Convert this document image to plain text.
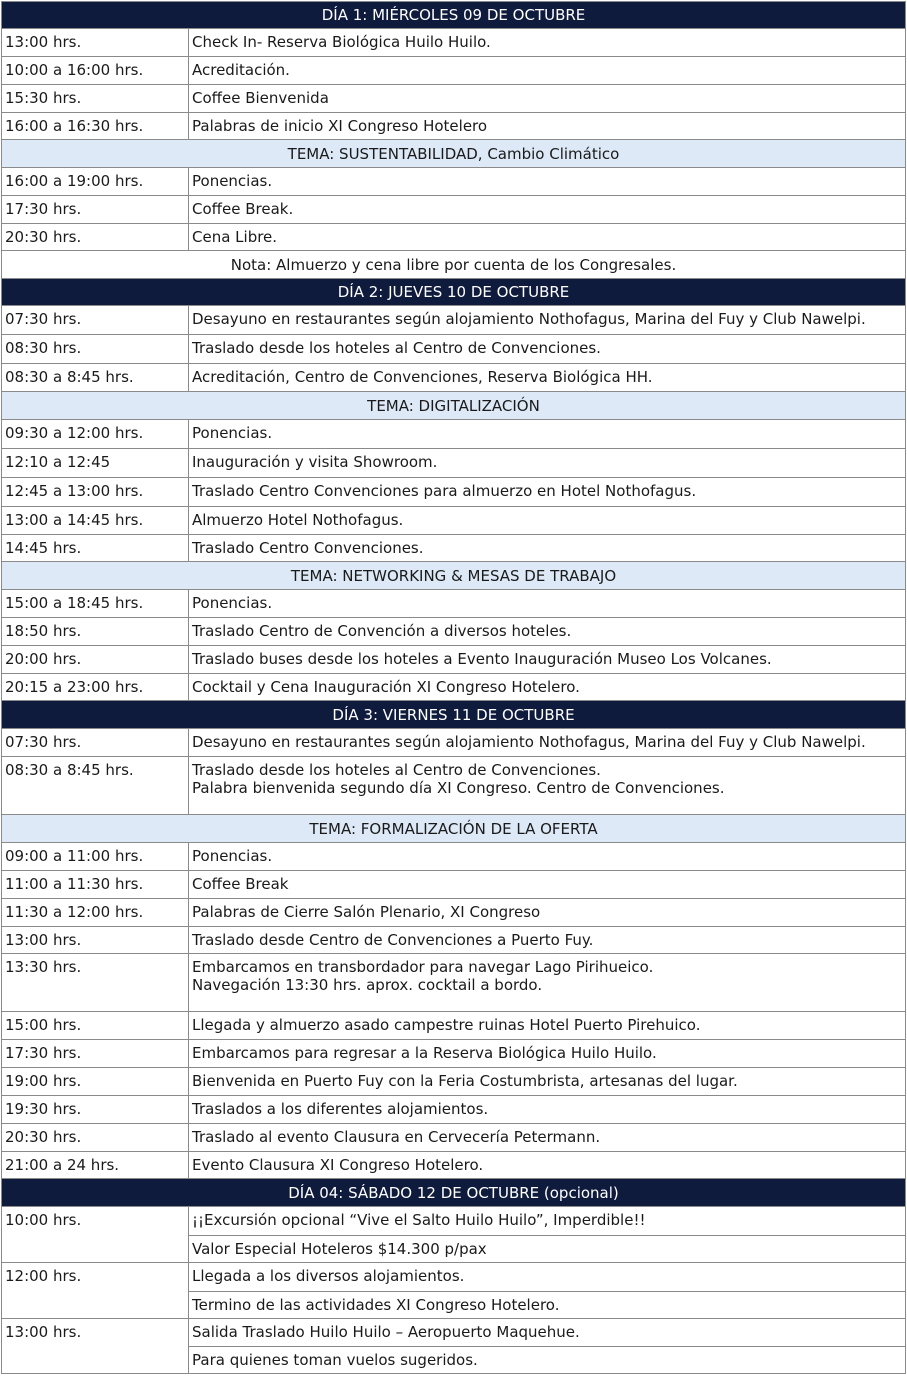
DÍA 1: MIÉRCOLES 09 DE OCTUBRE
13:00 hrs.	Check In- Reserva Biológica Huilo Huilo.
10:00 a 16:00 hrs.	Acreditación.
15:30 hrs.	Coffee Bienvenida
16:00 a 16:30 hrs.	Palabras de inicio XI Congreso Hotelero
TEMA: SUSTENTABILIDAD, Cambio Climático
16:00 a 19:00 hrs.	Ponencias.
17:30 hrs.	Coffee Break.
20:30 hrs.	Cena Libre.
Nota: Almuerzo y cena libre por cuenta de los Congresales.
DÍA 2: JUEVES 10 DE OCTUBRE
07:30 hrs.	Desayuno en restaurantes según alojamiento Nothofagus, Marina del Fuy y Club Nawelpi.
08:30 hrs.	Traslado desde los hoteles al Centro de Convenciones.
08:30 a 8:45 hrs.	Acreditación, Centro de Convenciones, Reserva Biológica HH.
TEMA: DIGITALIZACIÓN
09:30 a 12:00 hrs.	Ponencias.
12:10 a 12:45	Inauguración y visita Showroom.
12:45 a 13:00 hrs.	Traslado Centro Convenciones para almuerzo en Hotel Nothofagus.
13:00 a 14:45 hrs.	Almuerzo Hotel Nothofagus.
14:45 hrs.	Traslado Centro Convenciones.
TEMA: NETWORKING & MESAS DE TRABAJO
15:00 a 18:45 hrs.	Ponencias.
18:50 hrs.	Traslado Centro de Convención a diversos hoteles.
20:00 hrs.	Traslado buses desde los hoteles a Evento Inauguración Museo Los Volcanes.
20:15 a 23:00 hrs.	Cocktail y Cena Inauguración XI Congreso Hotelero.
DÍA 3: VIERNES 11 DE OCTUBRE
07:30 hrs.	Desayuno en restaurantes según alojamiento Nothofagus, Marina del Fuy y Club Nawelpi.
08:30 a 8:45 hrs.	Traslado desde los hoteles al Centro de Convenciones.
Palabra bienvenida segundo día XI Congreso. Centro de Convenciones.
TEMA: FORMALIZACIÓN DE LA OFERTA
09:00 a 11:00 hrs.	Ponencias.
11:00 a 11:30 hrs.	Coffee Break
11:30 a 12:00 hrs.	Palabras de Cierre Salón Plenario, XI Congreso
13:00 hrs.	Traslado desde Centro de Convenciones a Puerto Fuy.
13:30 hrs.	Embarcamos en transbordador para navegar Lago Pirihueico.
Navegación 13:30 hrs. aprox. cocktail a bordo.
15:00 hrs.	Llegada y almuerzo asado campestre ruinas Hotel Puerto Pirehuico.
17:30 hrs.	Embarcamos para regresar a la Reserva Biológica Huilo Huilo.
19:00 hrs.	Bienvenida en Puerto Fuy con la Feria Costumbrista, artesanas del lugar.
19:30 hrs.	Traslados a los diferentes alojamientos.
20:30 hrs.	Traslado al evento Clausura en Cervecería Petermann.
21:00 a 24 hrs.	Evento Clausura XI Congreso Hotelero.
DÍA 04: SÁBADO 12 DE OCTUBRE (opcional)
10:00 hrs.	¡¡Excursión opcional “Vive el Salto Huilo Huilo”, Imperdible!!
Valor Especial Hoteleros $14.300 p/pax
12:00 hrs.	Llegada a los diversos alojamientos.
Termino de las actividades XI Congreso Hotelero.
13:00 hrs.	Salida Traslado Huilo Huilo – Aeropuerto Maquehue.
Para quienes toman vuelos sugeridos.
